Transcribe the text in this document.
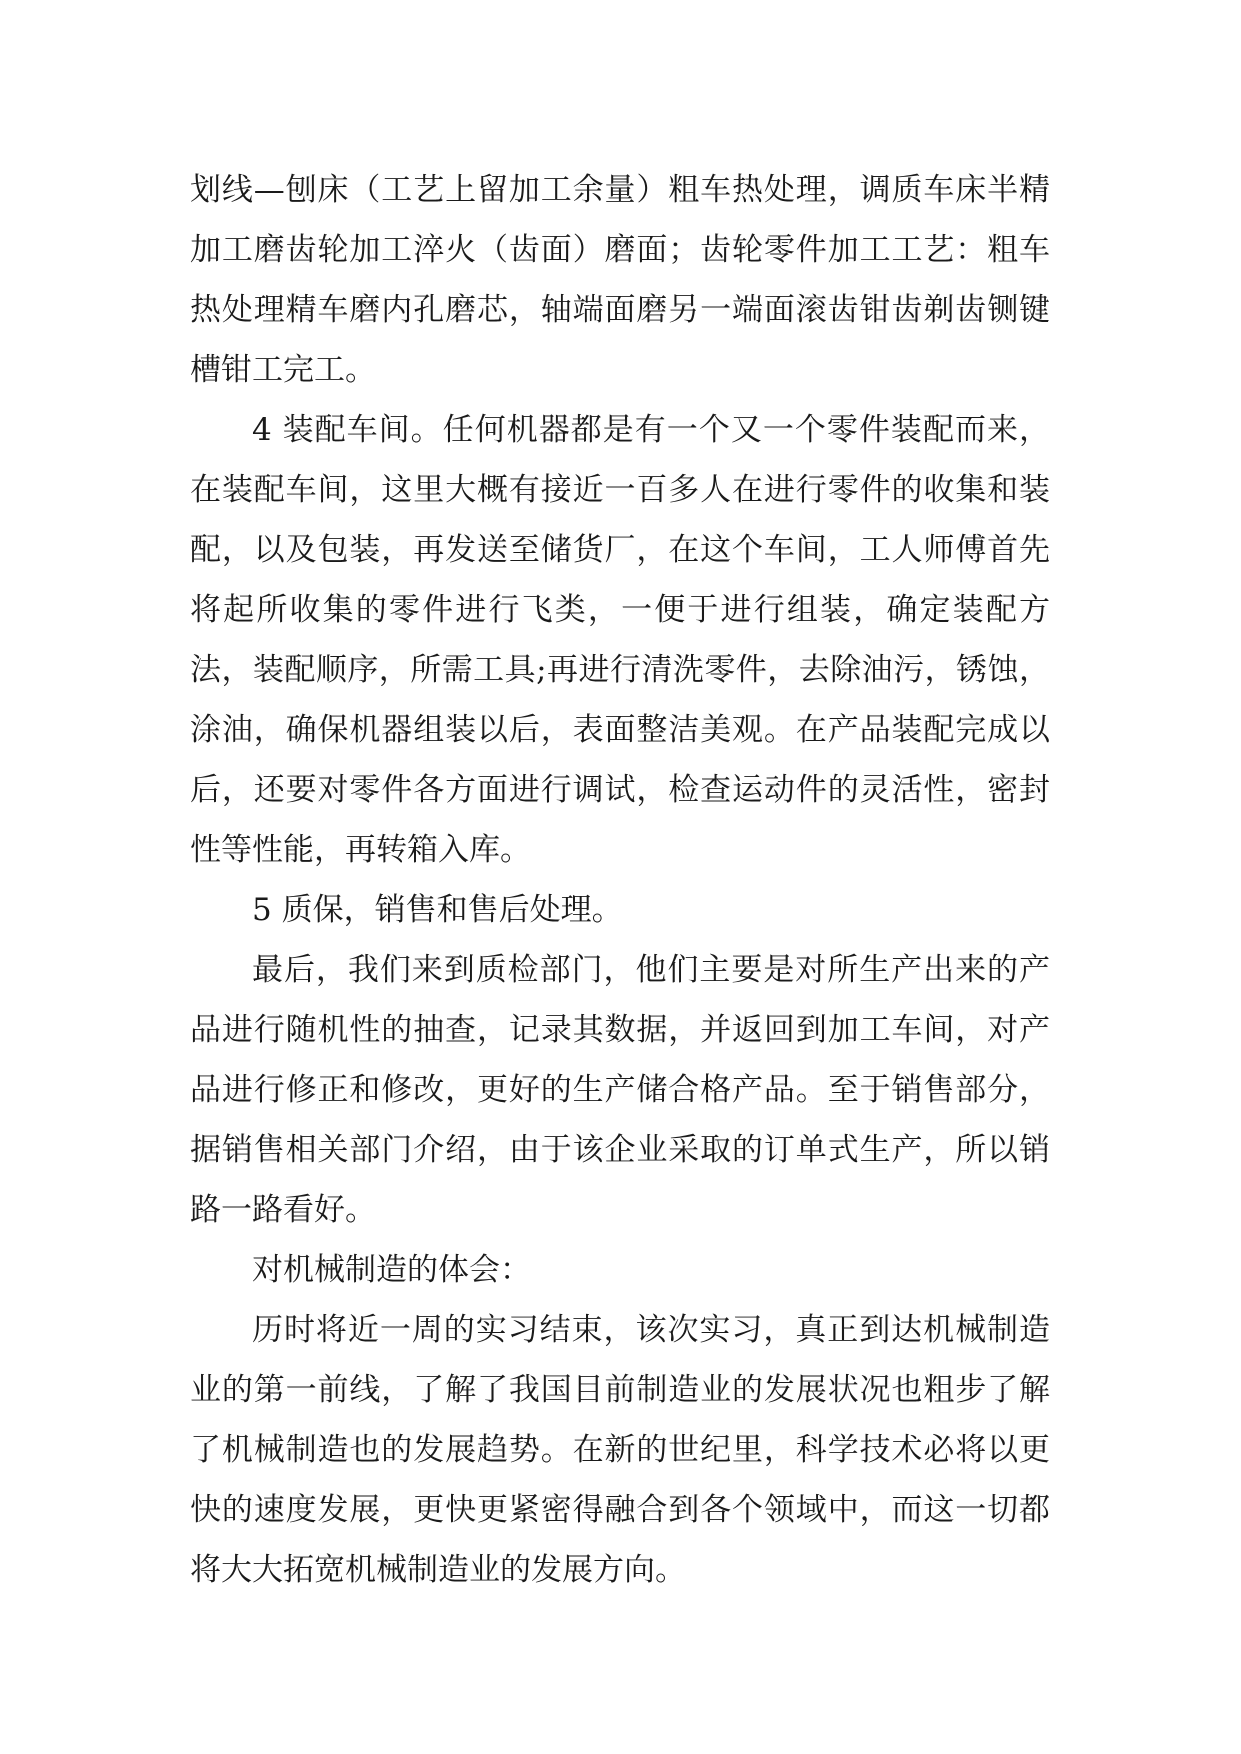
划线—刨床（工艺上留加工余量）粗车热处理，调质车床半精加工磨齿轮加工淬火（齿面）磨面；齿轮零件加工工艺：粗车热处理精车磨内孔磨芯，轴端面磨另一端面滚齿钳齿剃齿铡键槽钳工完工。

4 装配车间。任何机器都是有一个又一个零件装配而来，在装配车间，这里大概有接近一百多人在进行零件的收集和装配，以及包装，再发送至储货厂，在这个车间，工人师傅首先将起所收集的零件进行飞类，一便于进行组装，确定装配方法，装配顺序，所需工具;再进行清洗零件，去除油污，锈蚀，涂油，确保机器组装以后，表面整洁美观。在产品装配完成以后，还要对零件各方面进行调试，检查运动件的灵活性，密封性等性能，再转箱入库。

5 质保，销售和售后处理。

最后，我们来到质检部门，他们主要是对所生产出来的产品进行随机性的抽查，记录其数据，并返回到加工车间，对产品进行修正和修改，更好的生产储合格产品。至于销售部分，据销售相关部门介绍，由于该企业采取的订单式生产，所以销路一路看好。

对机械制造的体会：

历时将近一周的实习结束，该次实习，真正到达机械制造业的第一前线，了解了我国目前制造业的发展状况也粗步了解了机械制造也的发展趋势。在新的世纪里，科学技术必将以更快的速度发展，更快更紧密得融合到各个领域中，而这一切都将大大拓宽机械制造业的发展方向。
